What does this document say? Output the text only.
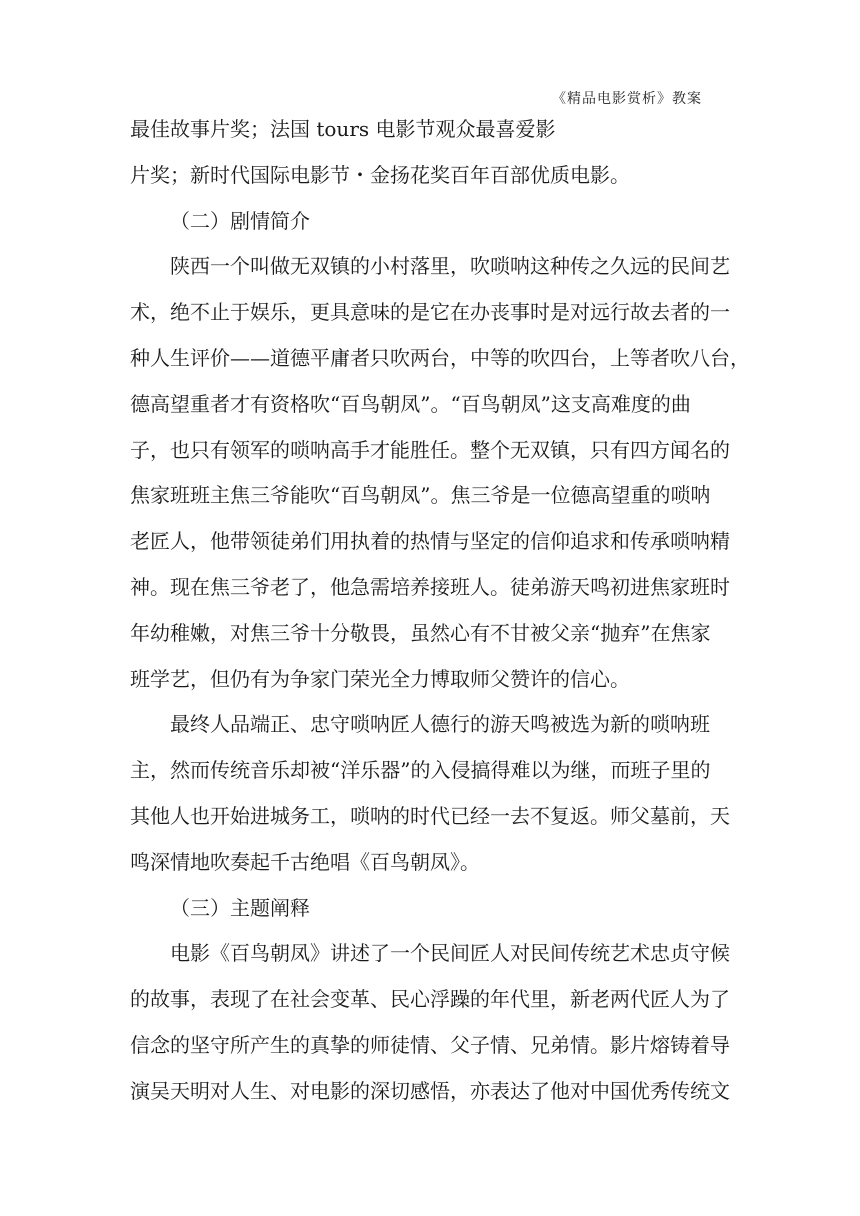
《精品电影赏析》教案
最佳故事片奖；法国 tours 电影节观众最喜爱影
片奖；新时代国际电影节・金扬花奖百年百部优质电影。
（二）剧情简介
陕西一个叫做无双镇的小村落里，吹唢呐这种传之久远的民间艺
术，绝不止于娱乐，更具意味的是它在办丧事时是对远行故去者的一
种人生评价——道德平庸者只吹两台，中等的吹四台，上等者吹八台，
德高望重者才有资格吹“百鸟朝凤”。“百鸟朝凤”这支高难度的曲
子，也只有领军的唢呐高手才能胜任。整个无双镇，只有四方闻名的
焦家班班主焦三爷能吹“百鸟朝凤”。焦三爷是一位德高望重的唢呐
老匠人，他带领徒弟们用执着的热情与坚定的信仰追求和传承唢呐精
神。现在焦三爷老了，他急需培养接班人。徒弟游天鸣初进焦家班时
年幼稚嫩，对焦三爷十分敬畏，虽然心有不甘被父亲“抛弃”在焦家
班学艺，但仍有为争家门荣光全力博取师父赞许的信心。
最终人品端正、忠守唢呐匠人德行的游天鸣被选为新的唢呐班
主，然而传统音乐却被“洋乐器”的入侵搞得难以为继，而班子里的
其他人也开始进城务工，唢呐的时代已经一去不复返。师父墓前，天
鸣深情地吹奏起千古绝唱《百鸟朝凤》。
（三）主题阐释
电影《百鸟朝凤》讲述了一个民间匠人对民间传统艺术忠贞守候
的故事，表现了在社会变革、民心浮躁的年代里，新老两代匠人为了
信念的坚守所产生的真挚的师徒情、父子情、兄弟情。影片熔铸着导
演吴天明对人生、对电影的深切感悟，亦表达了他对中国优秀传统文
